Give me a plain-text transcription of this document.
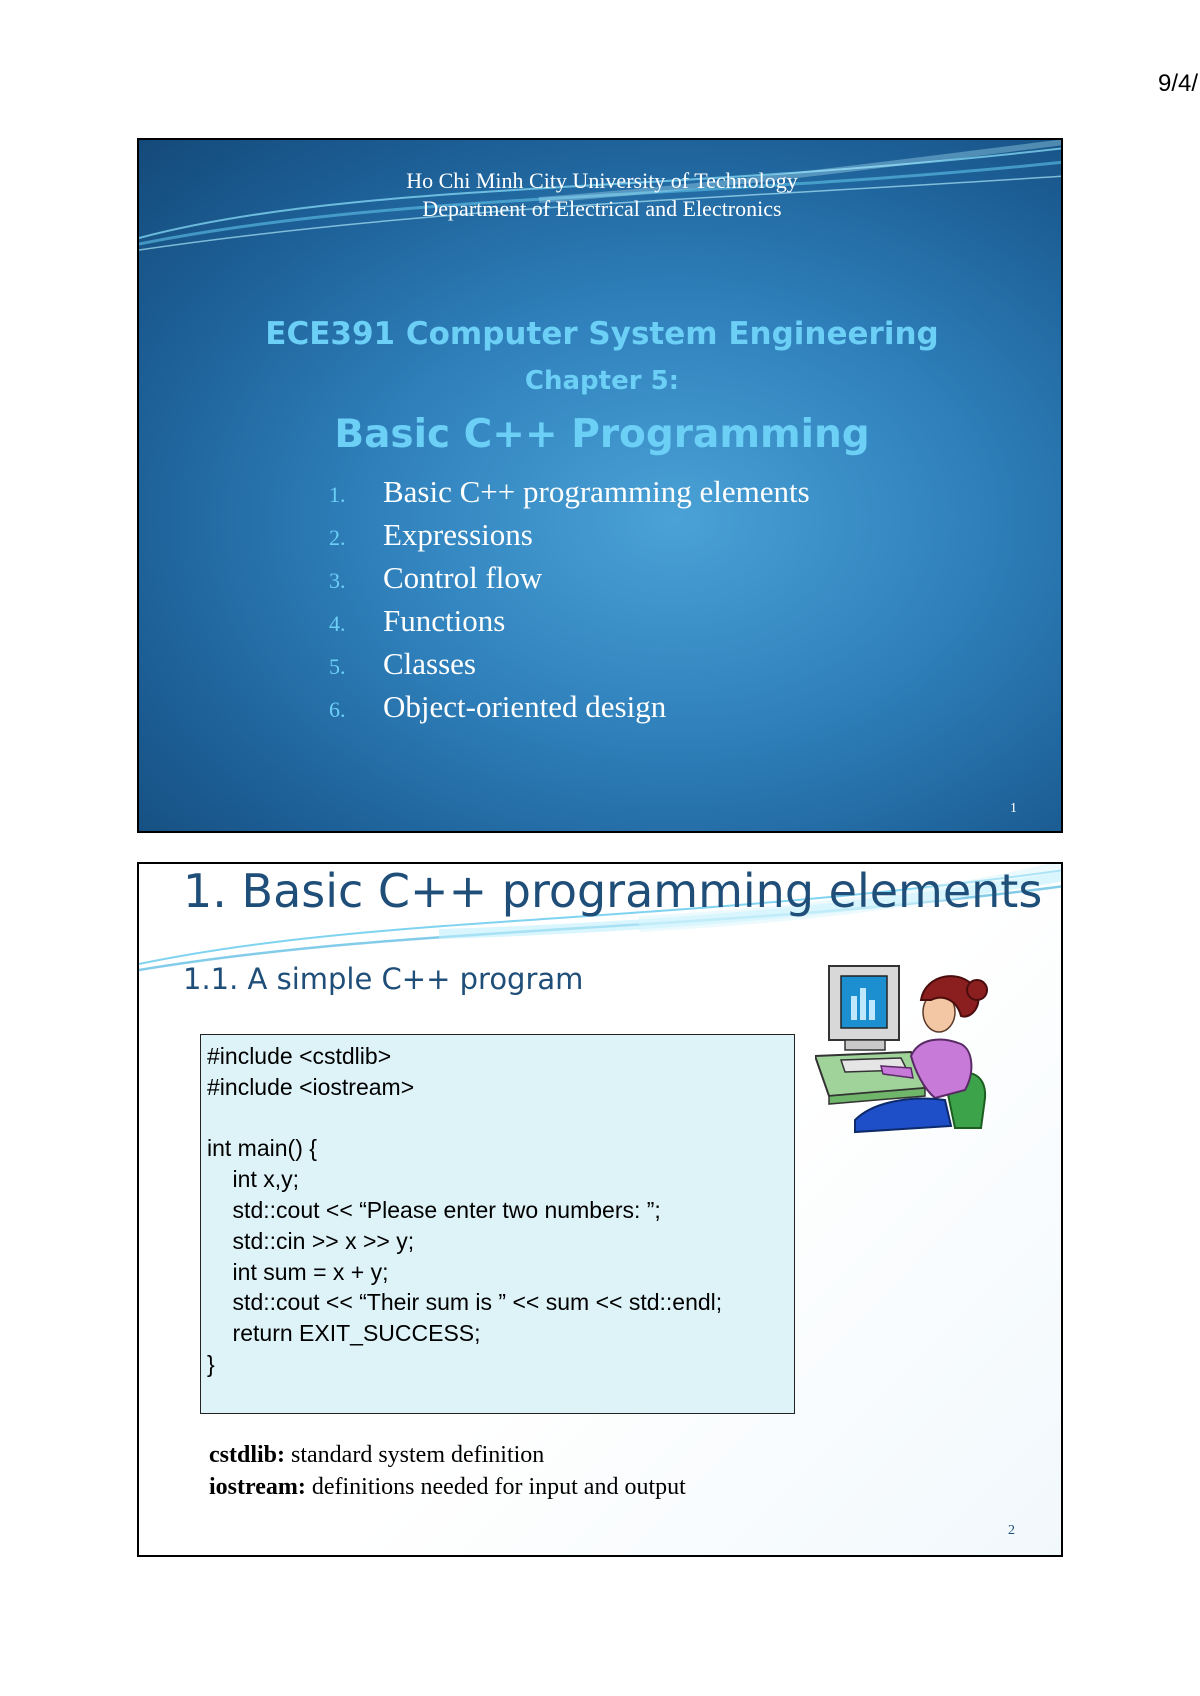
9/4/
Ho Chi Minh City University of Technology
Department of Electrical and Electronics
ECE391 Computer System Engineering
Chapter 5:
Basic C++ Programming
1. Basic C++ programming elements
2. Expressions
3. Control flow
4. Functions
5. Classes
6. Object-oriented design
1
1. Basic C++ programming elements
1.1. A simple C++ program
#include <cstdlib>
#include <iostream>

int main() {
int x,y;
std::cout << “Please enter two numbers: ”;
std::cin >> x >> y;
int sum = x + y;
std::cout << “Their sum is ” << sum << std::endl;
return EXIT_SUCCESS;
}
cstdlib: standard system definition
iostream: definitions needed for input and output
2
